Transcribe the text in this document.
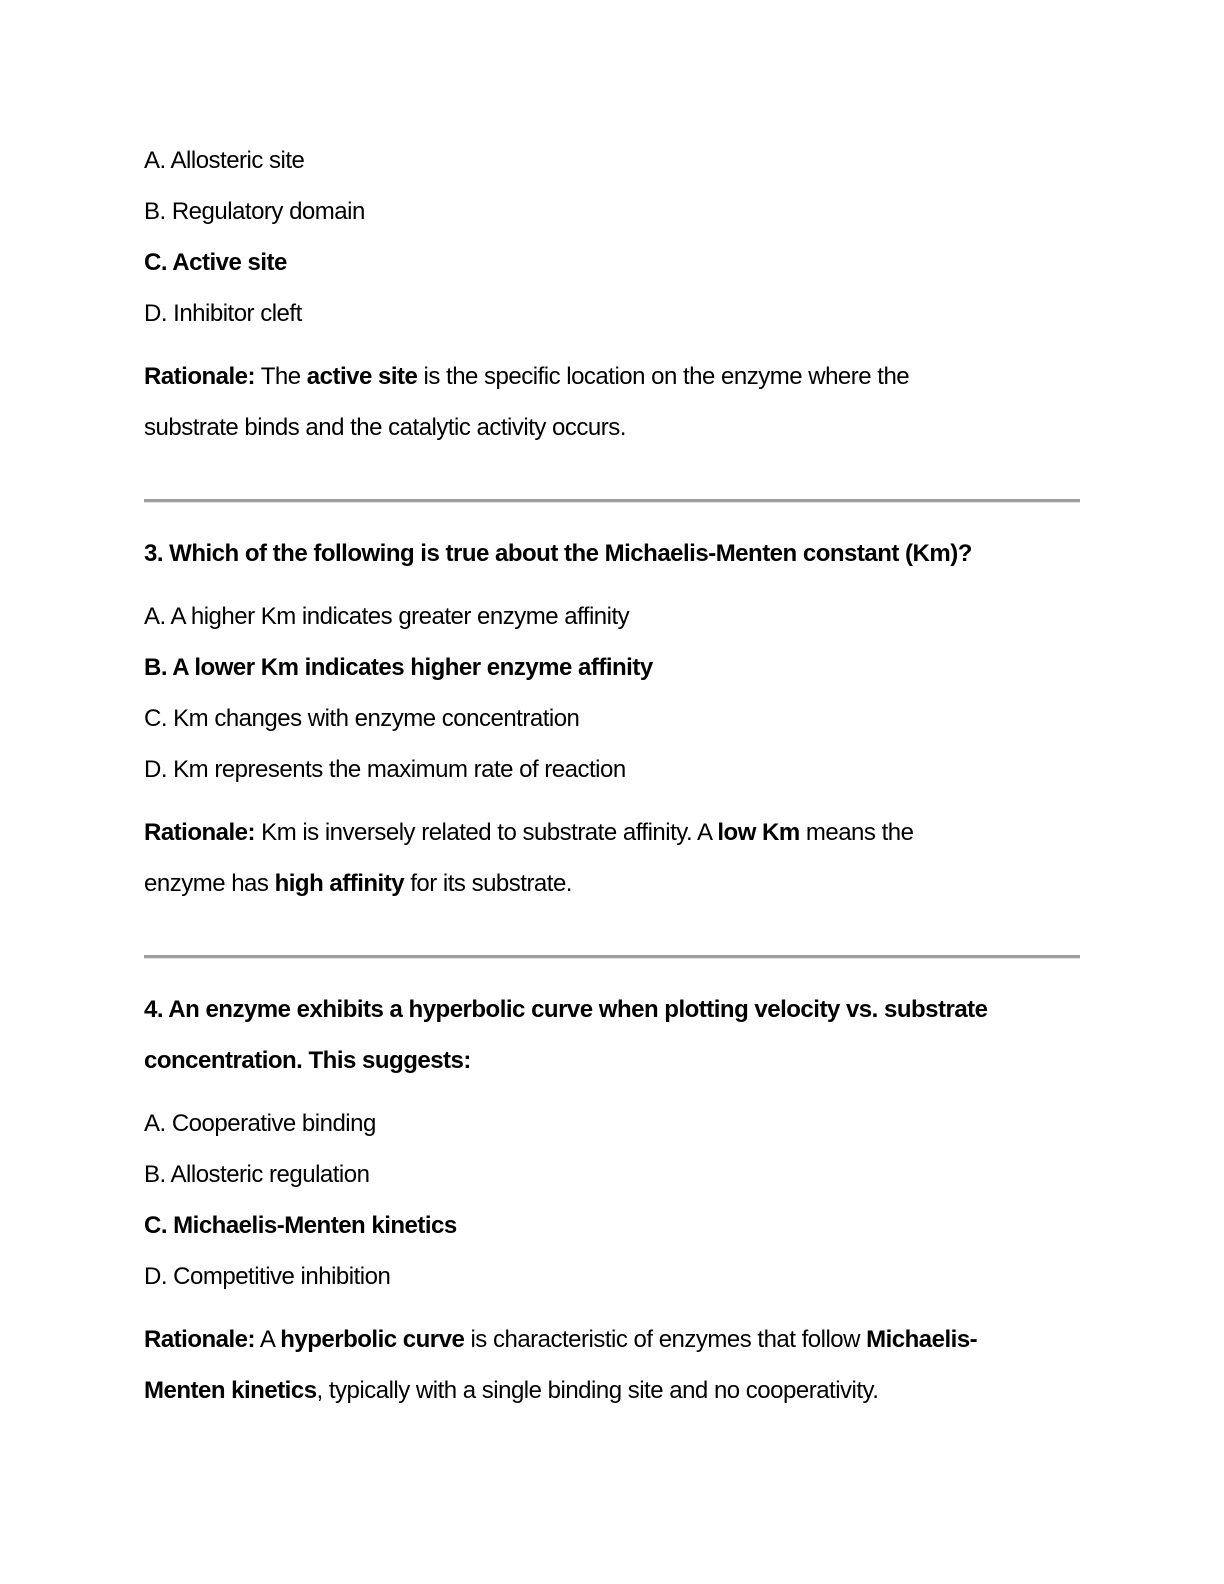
A. Allosteric site
B. Regulatory domain
C. Active site
D. Inhibitor cleft
Rationale: The active site is the specific location on the enzyme where the
substrate binds and the catalytic activity occurs.
3. Which of the following is true about the Michaelis-Menten constant (Km)?
A. A higher Km indicates greater enzyme affinity
B. A lower Km indicates higher enzyme affinity
C. Km changes with enzyme concentration
D. Km represents the maximum rate of reaction
Rationale: Km is inversely related to substrate affinity. A low Km means the
enzyme has high affinity for its substrate.
4. An enzyme exhibits a hyperbolic curve when plotting velocity vs. substrate
concentration. This suggests:
A. Cooperative binding
B. Allosteric regulation
C. Michaelis-Menten kinetics
D. Competitive inhibition
Rationale: A hyperbolic curve is characteristic of enzymes that follow Michaelis-
Menten kinetics, typically with a single binding site and no cooperativity.
